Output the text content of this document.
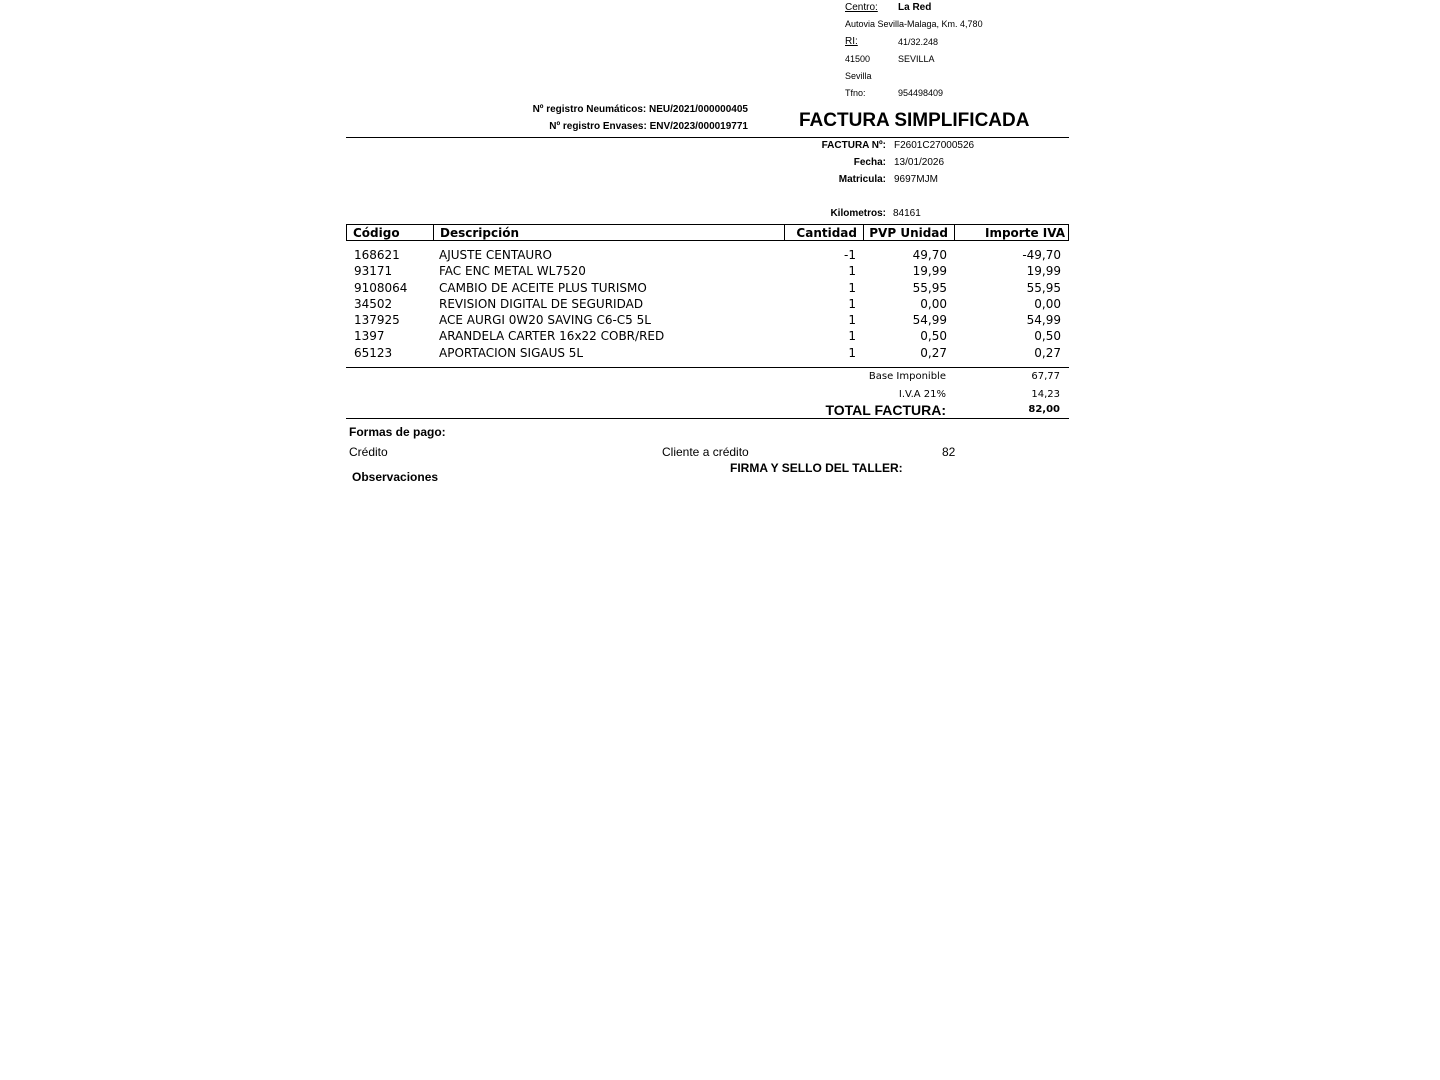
Centro: La Red
Autovia Sevilla-Malaga, Km. 4,780
RI:	41/32.248
41500	SEVILLA
Sevilla
Tfno:	954498409
Nº registro Neumáticos: NEU/2021/000000405
Nº registro Envases: ENV/2023/000019771	FACTURA SIMPLIFICADA
FACTURA Nº: F2601C27000526
Fecha: 13/01/2026
Matricula: 9697MJM
Kilometros: 84161
Código	Descripción	Cantidad	PVP Unidad	Importe IVA
168621	AJUSTE CENTAURO	-1	49,70	-49,70
93171	FAC ENC METAL WL7520	1	19,99	19,99
9108064	CAMBIO DE ACEITE PLUS TURISMO	1	55,95	55,95
34502	REVISION DIGITAL DE SEGURIDAD	1	0,00	0,00
137925	ACE AURGI 0W20 SAVING C6-C5 5L	1	54,99	54,99
1397	ARANDELA CARTER 16x22 COBR/RED	1	0,50	0,50
65123	APORTACION SIGAUS 5L	1	0,27	0,27
Base Imponible	67,77
I.V.A 21%	14,23
TOTAL FACTURA:	82,00
Formas de pago:
Crédito	Cliente a crédito	82
FIRMA Y SELLO DEL TALLER:
Observaciones
